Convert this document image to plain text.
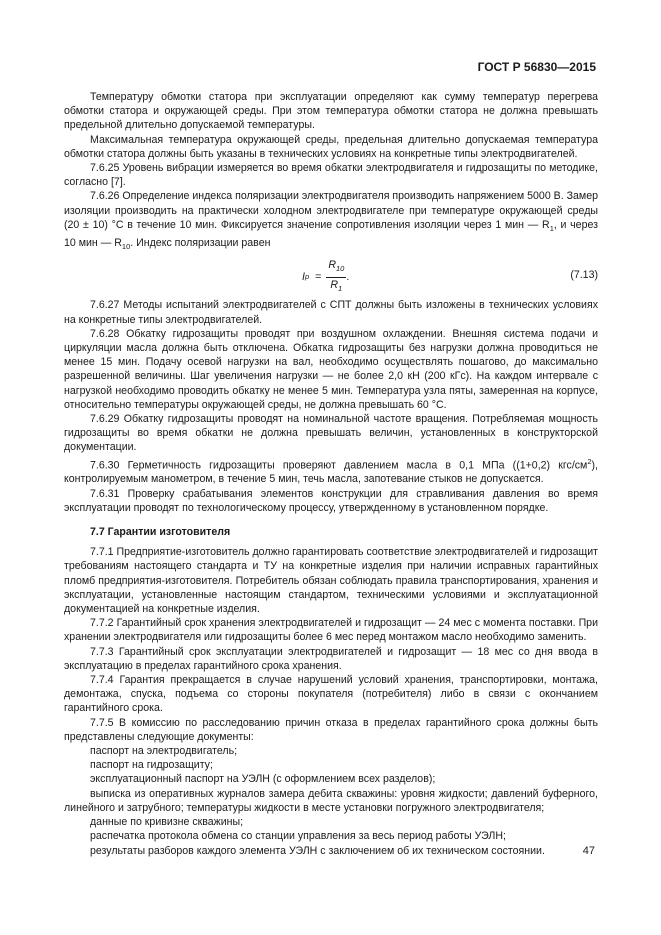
ГОСТ Р 56830—2015

Температуру обмотки статора при эксплуатации определяют как сумму температур перегрева обмотки статора и окружающей среды. При этом температура обмотки статора не должна превышать предельной длительно допускаемой температуры.

Максимальная температура окружающей среды, предельная длительно допускаемая температура обмотки статора должны быть указаны в технических условиях на конкретные типы электродвигателей.

7.6.25 Уровень вибрации измеряется во время обкатки электродвигателя и гидрозащиты по методике, согласно [7].

7.6.26 Определение индекса поляризации электродвигателя производить напряжением 5000 В. Замер изоляции производить на практически холодном электродвигателе при температуре окружающей среды (20 ± 10) °С в течение 10 мин. Фиксируется значение сопротивления изоляции через 1 мин — $R_1$, и через 10 мин — $R_{10}$. Индекс поляризации равен

I $p = \frac{R_{10}}{R_1}$ .	(7.13)

7.6.27 Методы испытаний электродвигателей с СПТ должны быть изложены в технических условиях на конкретные типы электродвигателей.

7.6.28 Обкатку гидрозащиты проводят при воздушном охлаждении. Внешняя система подачи и циркуляции масла должна быть отключена. Обкатка гидрозащиты без нагрузки должна проводиться не менее 15 мин. Подачу осевой нагрузки на вал, необходимо осуществлять пошагово, до максимально разрешенной величины. Шаг увеличения нагрузки — не более 2,0 кН (200 кГс). На каждом интервале с нагрузкой необходимо проводить обкатку не менее 5 мин. Температура узла пяты, замеренная на корпусе, относительно температуры окружающей среды, не должна превышать 60 °С.

7.6.29 Обкатку гидрозащиты проводят на номинальной частоте вращения. Потребляемая мощность гидрозащиты во время обкатки не должна превышать величин, установленных в конструкторской документации.

7.6.30 Герметичность гидрозащиты проверяют давлением масла в 0,1 МПа ((1+0,2) кгс/$см^2$), контролируемым манометром, в течение 5 мин, течь масла, запотевание стыков не допускается.

7.6.31 Проверку срабатывания элементов конструкции для стравливания давления во время эксплуатации проводят по технологическому процессу, утвержденному в установленном порядке.

7.7 Гарантии изготовителя

7.7.1 Предприятие-изготовитель должно гарантировать соответствие электродвигателей и гидрозащит требованиям настоящего стандарта и ТУ на конкретные изделия при наличии исправных гарантийных пломб предприятия-изготовителя. Потребитель обязан соблюдать правила транспортирования, хранения и эксплуатации, установленные настоящим стандартом, техническими условиями и эксплуатационной документацией на конкретные изделия.

7.7.2 Гарантийный срок хранения электродвигателей и гидрозащит — 24 мес с момента поставки. При хранении электродвигателя или гидрозащиты более 6 мес перед монтажом масло необходимо заменить.

7.7.3 Гарантийный срок эксплуатации электродвигателей и гидрозащит — 18 мес со дня ввода в эксплуатацию в пределах гарантийного срока хранения.

7.7.4 Гарантия прекращается в случае нарушений условий хранения, транспортировки, монтажа, демонтажа, спуска, подъема со стороны покупателя (потребителя) либо в связи с окончанием гарантийного срока.

7.7.5 В комиссию по расследованию причин отказа в пределах гарантийного срока должны быть представлены следующие документы:

паспорт на электродвигатель;

паспорт на гидрозащиту;

эксплуатационный паспорт на УЭЛН (с оформлением всех разделов);

выписка из оперативных журналов замера дебита скважины: уровня жидкости; давлений буферного, линейного и затрубного; температуры жидкости в месте установки погружного электродвигателя;

данные по кривизне скважины;

распечатка протокола обмена со станции управления за весь период работы УЭЛН;

результаты разборов каждого элемента УЭЛН с заключением об их техническом состоянии.	47
